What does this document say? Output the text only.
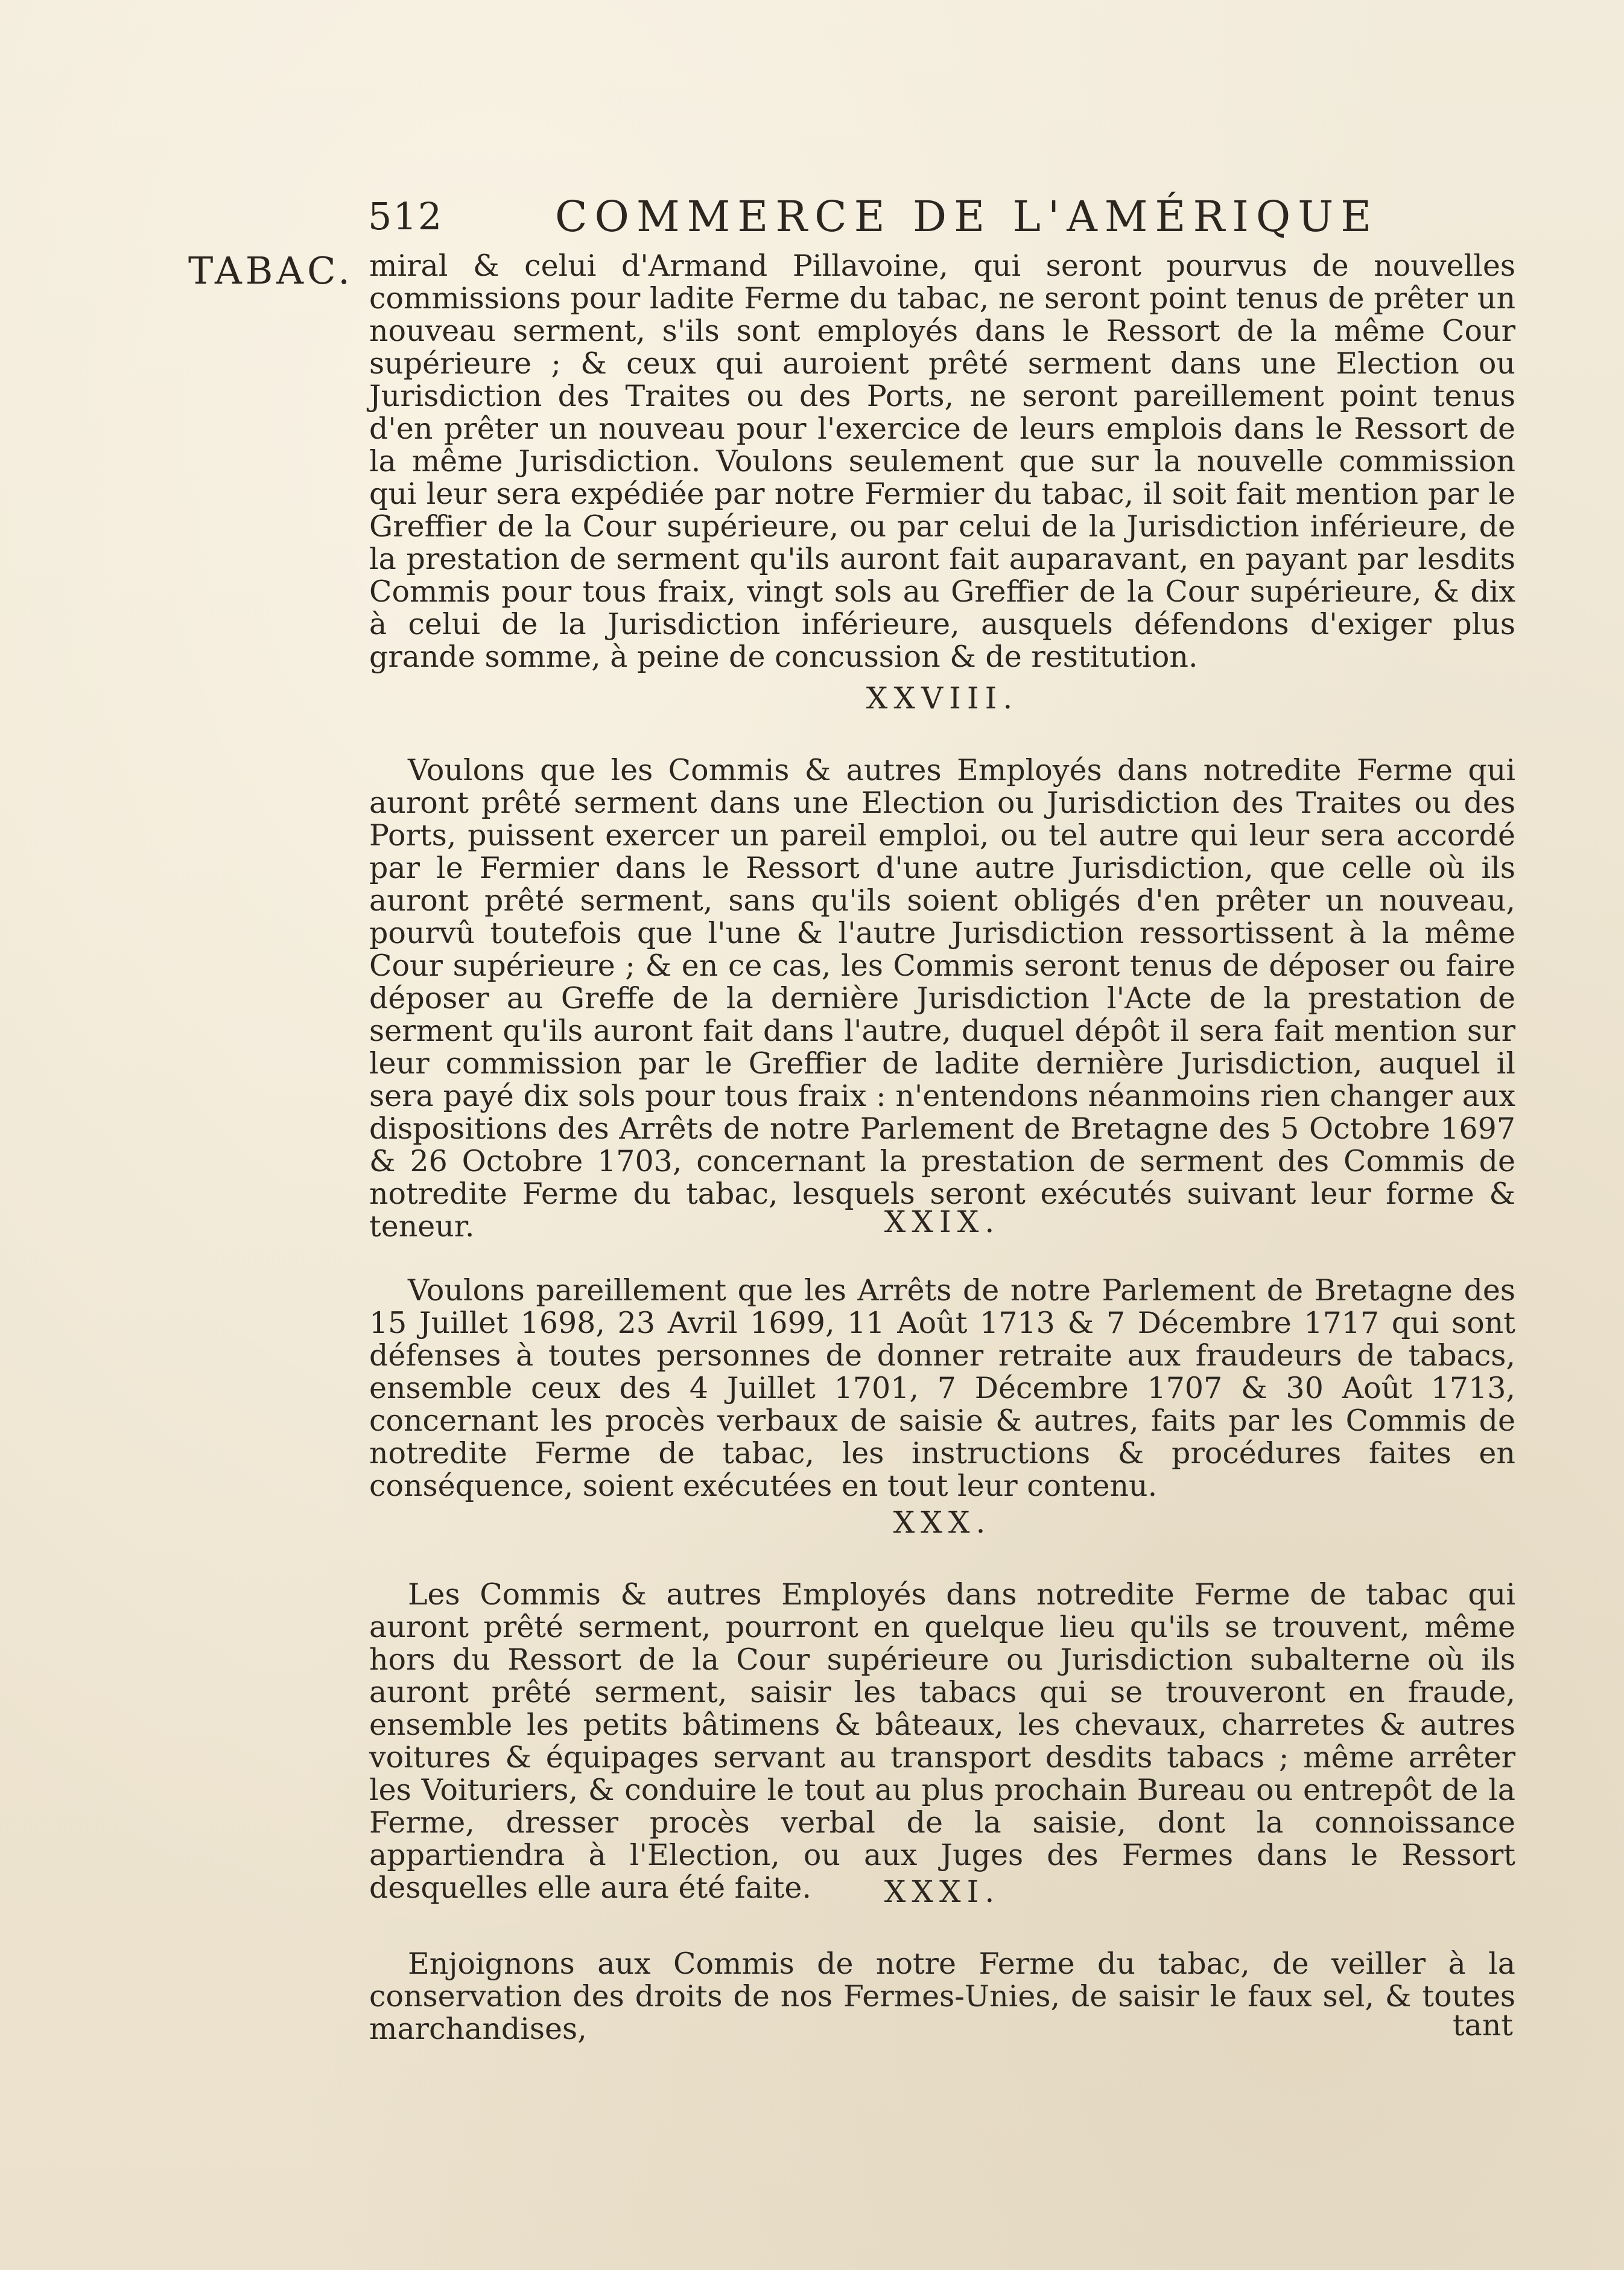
512	COMMERCE DE L'AMÉRIQUE
TABAC. miral & celui d'Armand Pillavoine, qui seront pourvus de nouvelles commissions pour ladite Ferme du tabac, ne seront point tenus de prêter un nouveau serment, s'ils sont employés dans le Ressort de la même Cour supérieure ; & ceux qui auroient prêté serment dans une Election ou Jurisdiction des Traites ou des Ports, ne seront pareillement point tenus d'en prêter un nouveau pour l'exercice de leurs emplois dans le Ressort de la même Jurisdiction. Voulons seulement que sur la nouvelle commission qui leur sera expédiée par notre Fermier du tabac, il soit fait mention par le Greffier de la Cour supérieure, ou par celui de la Jurisdiction inférieure, de la prestation de serment qu'ils auront fait auparavant, en payant par lesdits Commis pour tous fraix, vingt sols au Greffier de la Cour supérieure, & dix à celui de la Jurisdiction inférieure, ausquels défendons d'exiger plus grande somme, à peine de concussion & de restitution.

XXVIII.

Voulons que les Commis & autres Employés dans notredite Ferme qui auront prêté serment dans une Election ou Jurisdiction des Traites ou des Ports, puissent exercer un pareil emploi, ou tel autre qui leur sera accordé par le Fermier dans le Ressort d'une autre Jurisdiction, que celle où ils auront prêté serment, sans qu'ils soient obligés d'en prêter un nouveau, pourvû toutefois que l'une & l'autre Jurisdiction ressortissent à la même Cour supérieure ; & en ce cas, les Commis seront tenus de déposer ou faire déposer au Greffe de la dernière Jurisdiction l'Acte de la prestation de serment qu'ils auront fait dans l'autre, duquel dépôt il sera fait mention sur leur commission par le Greffier de ladite dernière Jurisdiction, auquel il sera payé dix sols pour tous fraix : n'entendons néanmoins rien changer aux dispositions des Arrêts de notre Parlement de Bretagne des 5 Octobre 1697 & 26 Octobre 1703, concernant la prestation de serment des Commis de notredite Ferme du tabac, lesquels seront exécutés suivant leur forme & teneur.	XXIX.

Voulons pareillement que les Arrêts de notre Parlement de Bretagne des 15 Juillet 1698, 23 Avril 1699, 11 Août 1713 & 7 Décembre 1717 qui sont défenses à toutes personnes de donner retraite aux fraudeurs de tabacs, ensemble ceux des 4 Juillet 1701, 7 Décembre 1707 & 30 Août 1713, concernant les procès verbaux de saisie & autres, faits par les Commis de notredite Ferme de tabac, les instructions & procédures faites en conséquence, soient exécutées en tout leur contenu.

XXX.

Les Commis & autres Employés dans notredite Ferme de tabac qui auront prêté serment, pourront en quelque lieu qu'ils se trouvent, même hors du Ressort de la Cour supérieure ou Jurisdiction subalterne où ils auront prêté serment, saisir les tabacs qui se trouveront en fraude, ensemble les petits bâtimens & bâteaux, les chevaux, charretes & autres voitures & équipages servant au transport desdits tabacs ; même arrêter les Voituriers, & conduire le tout au plus prochain Bureau ou entrepôt de la Ferme, dresser procès verbal de la saisie, dont la connoissance appartiendra à l'Election, ou aux Juges des Fermes dans le Ressort desquelles elle aura été faite.	XXXI.

Enjoignons aux Commis de notre Ferme du tabac, de veiller à la conservation des droits de nos Fermes-Unies, de saisir le faux sel, & toutes marchandises,	tant
